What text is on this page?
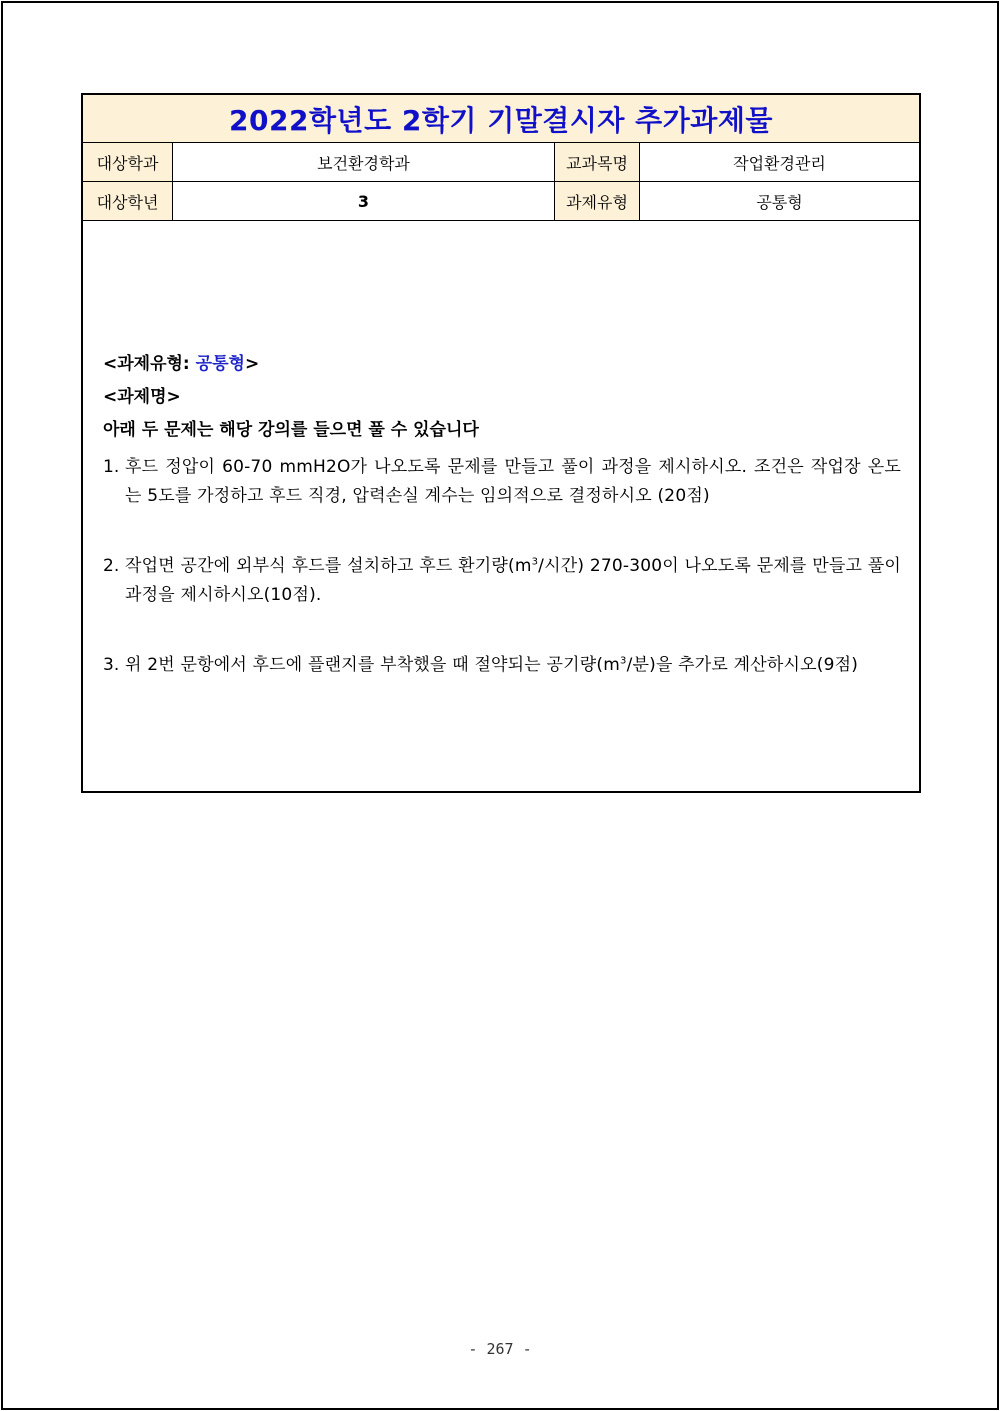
2022학년도 2학기 기말결시자 추가과제물
대상학과	보건환경학과	교과목명	작업환경관리
대상학년	3	과제유형	공통형

<과제유형: 공통형>

<과제명>

아래 두 문제는 해당 강의를 들으면 풀 수 있습니다

1. 후드 정압이 60-70 mmH2O가 나오도록 문제를 만들고 풀이 과정을 제시하시오. 조건은 작업장 온도는 5도를 가정하고 후드 직경, 압력손실 계수는 임의적으로 결정하시오 (20점)
2. 작업면 공간에 외부식 후드를 설치하고 후드 환기량($m^3/$시간) 270-300이 나오도록 문제를 만들고 풀이 과정을 제시하시오(10점).
3. 위 2번 문항에서 후드에 플랜지를 부착했을 때 절약되는 공기량($m^3/$분)을 추가로 계산하시오(9점)
- 267 -
